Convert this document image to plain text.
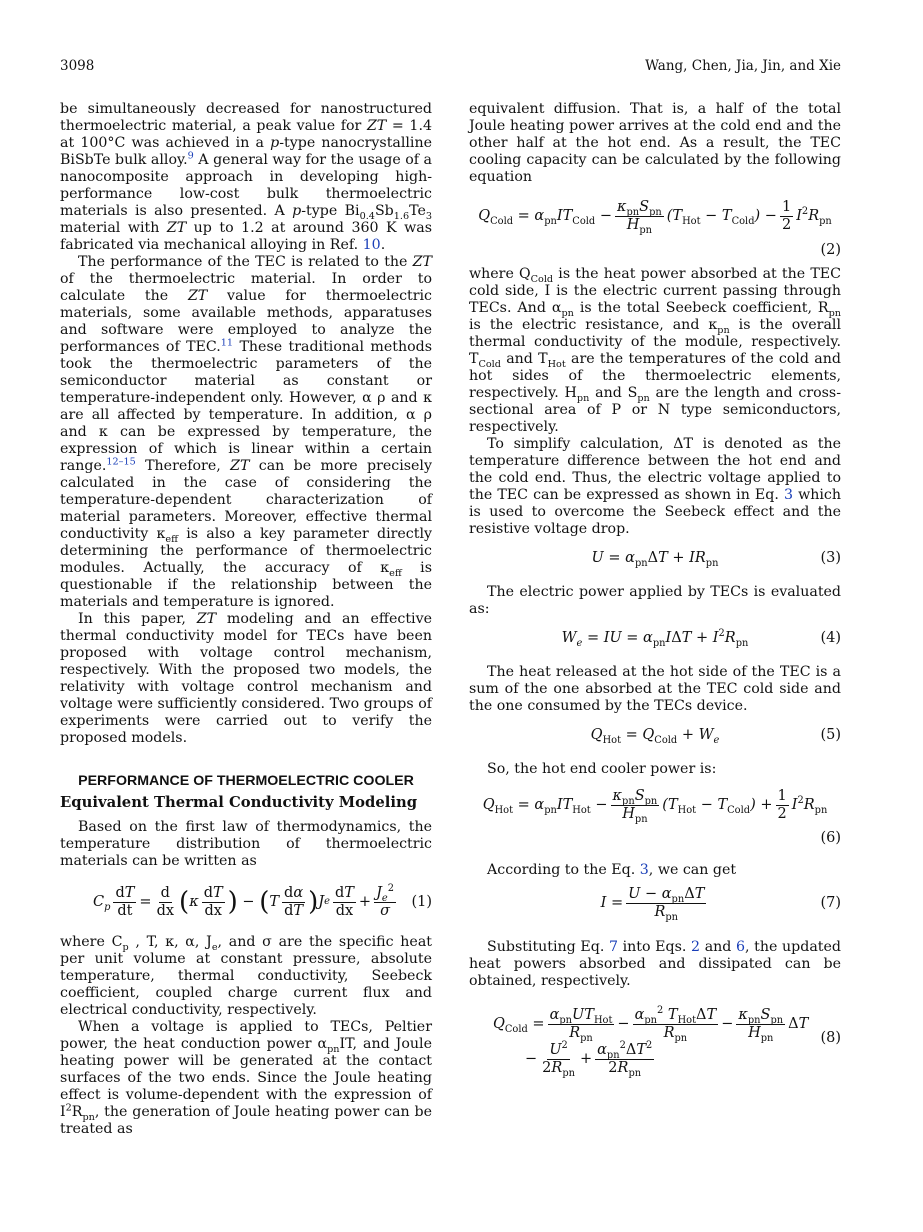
3098	Wang, Chen, Jia, Jin, and Xie

be simultaneously decreased for nanostructured thermoelectric material, a peak value for ZT = 1.4 at 100°C was achieved in a p-type nanocrystalline BiSbTe bulk alloy.$^9$ A general way for the usage of a nanocomposite approach in developing high-performance low-cost bulk thermoelectric materials is also presented. A p-type $Bi_{0.4}Sb_{1.6}Te_3$ material with ZT up to 1.2 at around 360 K was fabricated via mechanical alloying in Ref. 10.

The performance of the TEC is related to the ZT of the thermoelectric material. In order to calculate the ZT value for thermoelectric materials, some available methods, apparatuses and software were employed to analyze the performances of TEC.$^{11}$ These traditional methods took the thermoelectric parameters of the semiconductor material as constant or temperature-independent only. However, α ρ and κ are all affected by temperature. In addition, α ρ and κ can be expressed by temperature, the expression of which is linear within a certain range.$^{12-15}$ Therefore, ZT can be more precisely calculated in the case of considering the temperature-dependent characterization of material parameters. Moreover, effective thermal conductivity $\kappa_{eff}$ is also a key parameter directly determining the performance of thermoelectric modules. Actually, the accuracy of $\kappa_{eff}$ is questionable if the relationship between the materials and temperature is ignored.

In this paper, ZT modeling and an effective thermal conductivity model for TECs have been proposed with voltage control mechanism, respectively. With the proposed two models, the relativity with voltage control mechanism and voltage were sufficiently considered. Two groups of experiments were carried out to verify the proposed models.

PERFORMANCE OF THERMOELECTRIC COOLER
Equivalent Thermal Conductivity Modeling

Based on the first law of thermodynamics, the temperature distribution of thermoelectric materials can be written as

$C_p \frac{dT}{dt} = \frac{d}{dx}$ ( κ $\frac{dT}{dx}$ ) − ( T $\frac{d\alpha}{dT}$ ) J e $\frac{dT}{dx} + \frac{J_e^2}{\sigma} (1)$

where $C_p$ , T, κ, α, $J_e$, and σ are the specific heat per unit volume at constant pressure, absolute temperature, thermal conductivity, Seebeck coefficient, coupled charge current flux and electrical conductivity, respectively.

When a voltage is applied to TECs, Peltier power, the heat conduction power $\alpha_{pn}IT$, and Joule heating power will be generated at the contact surfaces of the two ends. Since the Joule heating effect is volume-dependent with the expression of $I^2R_{pn}$, the generation of Joule heating power can be treated as

equivalent diffusion. That is, a half of the total Joule heating power arrives at the cold end and the other half at the hot end. As a result, the TEC cooling capacity can be calculated by the following equation

$Q_{Cold} = \alpha_{pn}IT_{Cold} - \frac{\kappa_{pn}S_{pn}}{H_{pn}} (T_{Hot} - T_{Cold}) - \frac{1}{2} I^2R_{pn}$
(2)

where $Q_{Cold}$ is the heat power absorbed at the TEC cold side, I is the electric current passing through TECs. And $\alpha_{pn}$ is the total Seebeck coefficient, $R_{pn}$ is the electric resistance, and $\kappa_{pn}$ is the overall thermal conductivity of the module, respectively. $T_{Cold}$ and $T_{Hot}$ are the temperatures of the cold and hot sides of the thermoelectric elements, respectively. $H_{pn}$ and $S_{pn}$ are the length and cross-sectional area of P or N type semiconductors, respectively.

To simplify calculation, ΔT is denoted as the temperature difference between the hot end and the cold end. Thus, the electric voltage applied to the TEC can be expressed as shown in Eq. 3 which is used to overcome the Seebeck effect and the resistive voltage drop.

$U = \alpha_{pn}\Delta T + IR_{pn}$	(3)

The electric power applied by TECs is evaluated as:

$W_e$ = IU = $\alpha_{pn}I\Delta T + I^2R_{pn}$	(4)

The heat released at the hot side of the TEC is a sum of the one absorbed at the TEC cold side and the one consumed by the TECs device.

$Q_{Hot} = Q_{Cold} + W_e$	(5)

So, the hot end cooler power is:

$Q_{Hot} = \alpha_{pn}IT_{Hot} - \frac{\kappa_{pn}S_{pn}}{H_{pn}} (T_{Hot} - T_{Cold}) + \frac{1}{2} I^2R_{pn}$
(6)

According to the Eq. 3, we can get

$I = \frac{U - \alpha_{pn}\Delta T}{R_{pn}}$	(7)

Substituting Eq. 7 into Eqs. 2 and 6, the updated heat powers absorbed and dissipated can be obtained, respectively.

$Q_{Cold} = \frac{\alpha_{pn}UT_{Hot}}{R_{pn}} - \frac{\alpha_{pn}^2 T_{Hot}\Delta T}{R_{pn}} - \frac{\kappa_{pn}S_{pn}}{H_{pn}}$ ΔT
− $\frac{U^2}{2R_{pn}} + \frac{\alpha_{pn}^2\Delta T^2}{2R_{pn}}$
(8)
